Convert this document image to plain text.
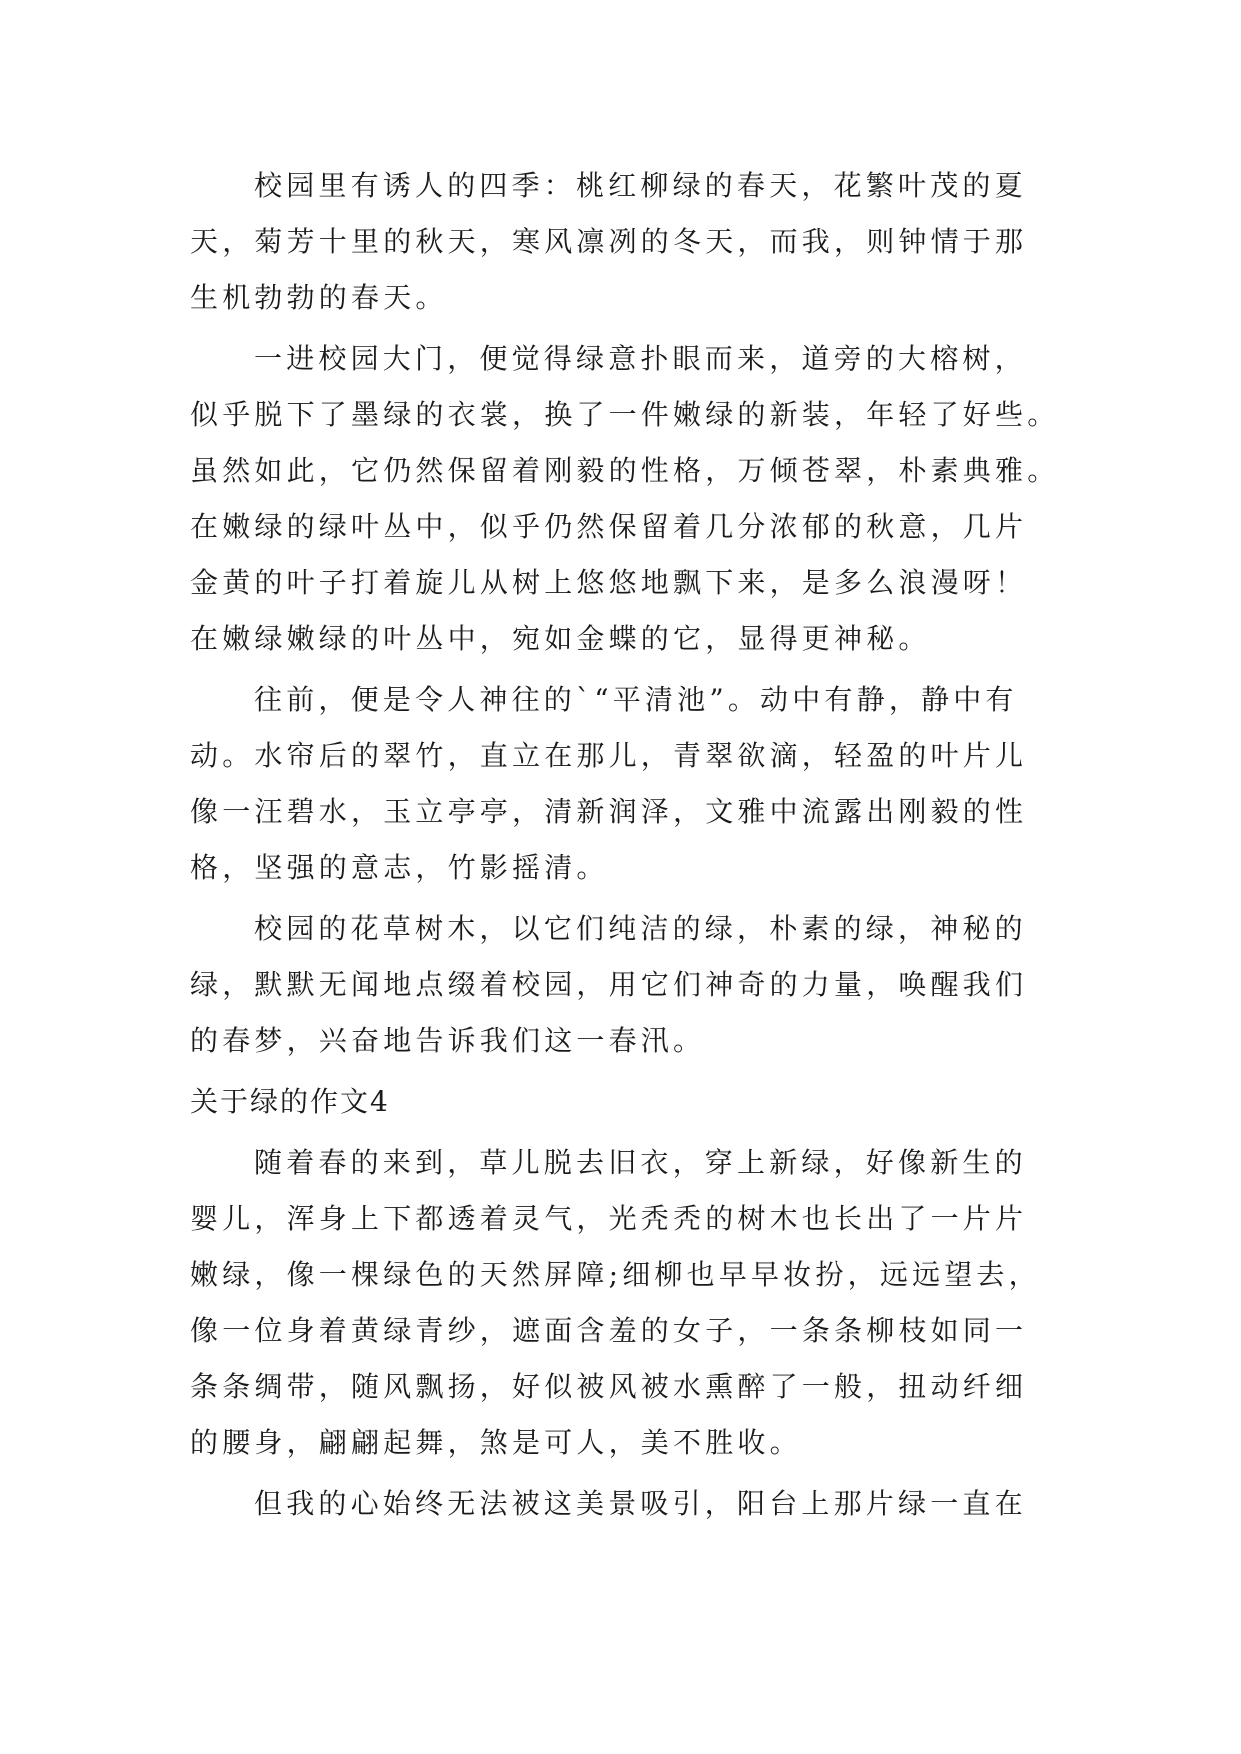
校园里有诱人的四季：桃红柳绿的春天，花繁叶茂的夏
天，菊芳十里的秋天，寒风凛冽的冬天，而我，则钟情于那
生机勃勃的春天。
一进校园大门，便觉得绿意扑眼而来，道旁的大榕树，
似乎脱下了墨绿的衣裳，换了一件嫩绿的新装，年轻了好些。
虽然如此，它仍然保留着刚毅的性格，万倾苍翠，朴素典雅。
在嫩绿的绿叶丛中，似乎仍然保留着几分浓郁的秋意，几片
金黄的叶子打着旋儿从树上悠悠地飘下来，是多么浪漫呀！
在嫩绿嫩绿的叶丛中，宛如金蝶的它，显得更神秘。
往前，便是令人神往的`“平清池”。动中有静，静中有
动。水帘后的翠竹，直立在那儿，青翠欲滴，轻盈的叶片儿
像一汪碧水，玉立亭亭，清新润泽，文雅中流露出刚毅的性
格，坚强的意志，竹影摇清。
校园的花草树木，以它们纯洁的绿，朴素的绿，神秘的
绿，默默无闻地点缀着校园，用它们神奇的力量，唤醒我们
的春梦，兴奋地告诉我们这一春汛。
关于绿的作文4
随着春的来到，草儿脱去旧衣，穿上新绿，好像新生的
婴儿，浑身上下都透着灵气，光秃秃的树木也长出了一片片
嫩绿，像一棵绿色的天然屏障;细柳也早早妆扮，远远望去，
像一位身着黄绿青纱，遮面含羞的女子，一条条柳枝如同一
条条绸带，随风飘扬，好似被风被水熏醉了一般，扭动纤细
的腰身，翩翩起舞，煞是可人，美不胜收。
但我的心始终无法被这美景吸引，阳台上那片绿一直在
